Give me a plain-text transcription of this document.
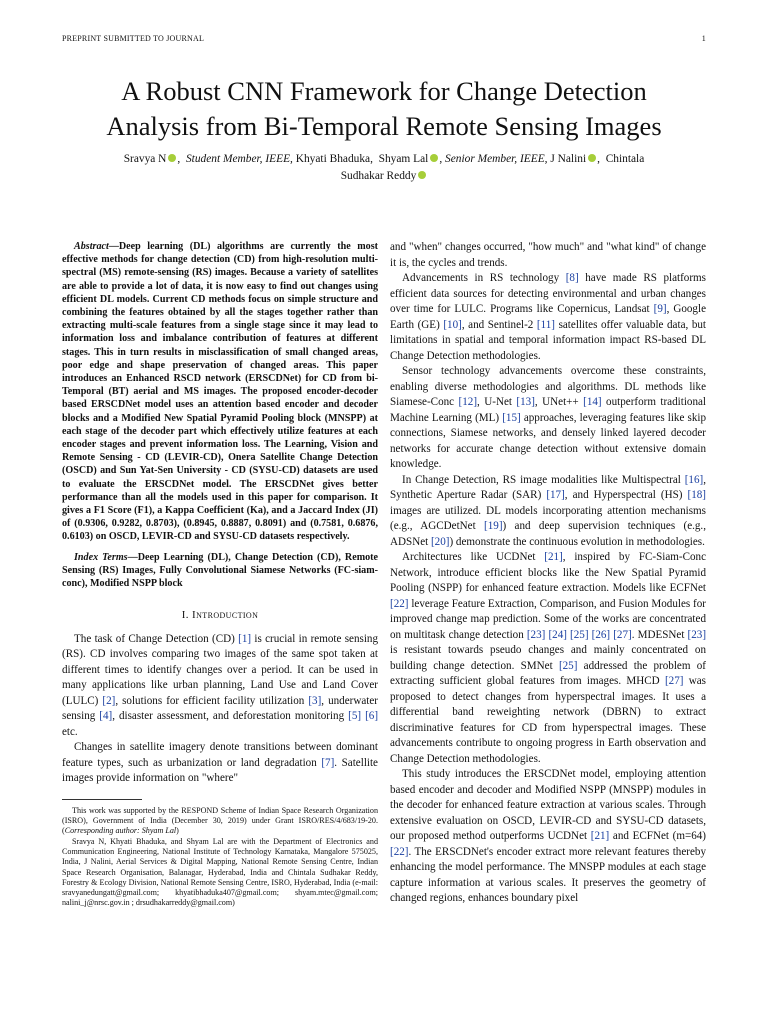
PREPRINT SUBMITTED TO JOURNAL	1
A Robust CNN Framework for Change Detection
Analysis from Bi-Temporal Remote Sensing Images
Sravya N ,  Student Member, IEEE, Khyati Bhaduka, Shyam Lal , Senior Member, IEEE, J Nalini ,  Chintala
Sudhakar Reddy

Abstract—Deep learning (DL) algorithms are currently the most effective methods for change detection (CD) from high-resolution multi-spectral (MS) remote-sensing (RS) images. Because a variety of satellites are able to provide a lot of data, it is now easy to find out changes using efficient DL models. Current CD methods focus on simple structure and combining the features obtained by all the stages together rather than extracting multi-scale features from a single stage since it may lead to information loss and imbalance contribution of features at different stages. This in turn results in misclassification of small changed areas, poor edge and shape preservation of changed areas. This paper introduces an Enhanced RSCD network (ERSCDNet) for CD from bi-Temporal (BT) aerial and MS images. The proposed encoder-decoder based ERSCDNet model uses an attention based encoder and decoder blocks and a Modified New Spatial Pyramid Pooling block (MNSPP) at each stage of the decoder part which effectively utilize features at each encoder stages and prevent information loss. The Learning, Vision and Remote Sensing - CD (LEVIR-CD), Onera Satellite Change Detection (OSCD) and Sun Yat-Sen University - CD (SYSU-CD) datasets are used to evaluate the ERSCDNet model. The ERSCDNet gives better performance than all the models used in this paper for comparison. It gives a F1 Score (F1), a Kappa Coefficient (Ka), and a Jaccard Index (JI) of (0.9306, 0.9282, 0.8703), (0.8945, 0.8887, 0.8091) and (0.7581, 0.6876, 0.6103) on OSCD, LEVIR-CD and SYSU-CD datasets respectively.

Index Terms—Deep Learning (DL), Change Detection (CD), Remote Sensing (RS) Images, Fully Convolutional Siamese Networks (FC-siam-conc), Modified NSPP block

I. Introduction

The task of Change Detection (CD) [1] is crucial in remote sensing (RS). CD involves comparing two images of the same spot taken at different times to identify changes over a period. It can be used in many applications like urban planning, Land Use and Land Cover (LULC) [2], solutions for efficient facility utilization [3], underwater sensing [4], disaster assessment, and deforestation monitoring [5] [6] etc.

Changes in satellite imagery denote transitions between dominant feature types, such as urbanization or land degradation [7]. Satellite images provide information on "where"

This work was supported by the RESPOND Scheme of Indian Space Research Organization (ISRO), Government of India (December 30, 2019) under Grant ISRO/RES/4/683/19-20. (Corresponding author: Shyam Lal)

Sravya N, Khyati Bhaduka, and Shyam Lal are with the Department of Electronics and Communication Engineering, National Institute of Technology Karnataka, Mangalore 575025, India, J Nalini, Aerial Services & Digital Mapping, National Remote Sensing Centre, Indian Space Research Organisation, Balanagar, Hyderabad, India and Chintala Sudhakar Reddy, Forestry & Ecology Division, National Remote Sensing Centre, ISRO, Hyderabad, India (e-mail: sravyanedungatt@gmail.com; khyatibhaduka407@gmail.com; shyam.mtec@gmail.com; nalini_j@nrsc.gov.in ; drsudhakarreddy@gmail.com)

and "when" changes occurred, "how much" and "what kind" of change it is, the cycles and trends.

Advancements in RS technology [8] have made RS platforms efficient data sources for detecting environmental and urban changes over time for LULC. Programs like Copernicus, Landsat [9], Google Earth (GE) [10], and Sentinel-2 [11] satellites offer valuable data, but limitations in spatial and temporal information impact RS-based DL Change Detection methodologies.

Sensor technology advancements overcome these constraints, enabling diverse methodologies and algorithms. DL methods like Siamese-Conc [12], U-Net [13], UNet++ [14] outperform traditional Machine Learning (ML) [15] approaches, leveraging features like skip connections, Siamese networks, and densely linked layered decoder networks for accurate change detection without extensive domain knowledge.

In Change Detection, RS image modalities like Multispectral [16], Synthetic Aperture Radar (SAR) [17], and Hyperspectral (HS) [18] images are utilized. DL models incorporating attention mechanisms (e.g., AGCDetNet [19]) and deep supervision techniques (e.g., ADSNet [20]) demonstrate the continuous evolution in methodologies.

Architectures like UCDNet [21], inspired by FC-Siam-Conc Network, introduce efficient blocks like the New Spatial Pyramid Pooling (NSPP) for enhanced feature extraction. Models like ECFNet [22] leverage Feature Extraction, Comparison, and Fusion Modules for improved change map prediction. Some of the works are concentrated on multitask change detection [23] [24] [25] [26] [27]. MDESNet [23] is resistant towards pseudo changes and mainly concentrated on building change detection. SMNet [25] addressed the problem of extracting sufficient global features from images. MHCD [27] was proposed to detect changes from hyperspectral images. It uses a differential band reweighting network (DBRN) to extract discriminative features for CD from hyperspectral images. These advancements contribute to ongoing progress in Earth observation and Change Detection methodologies.

This study introduces the ERSCDNet model, employing attention based encoder and decoder and Modified NSPP (MNSPP) modules in the decoder for enhanced feature extraction at various scales. Through extensive evaluation on OSCD, LEVIR-CD and SYSU-CD datasets, our proposed method outperforms UCDNet [21] and ECFNet (m=64) [22]. The ERSCDNet's encoder extract more relevant features thereby enhancing the model performance. The MNSPP modules at each stage capture information at various scales. It preserves the geometry of changed regions, enhances boundary pixel
